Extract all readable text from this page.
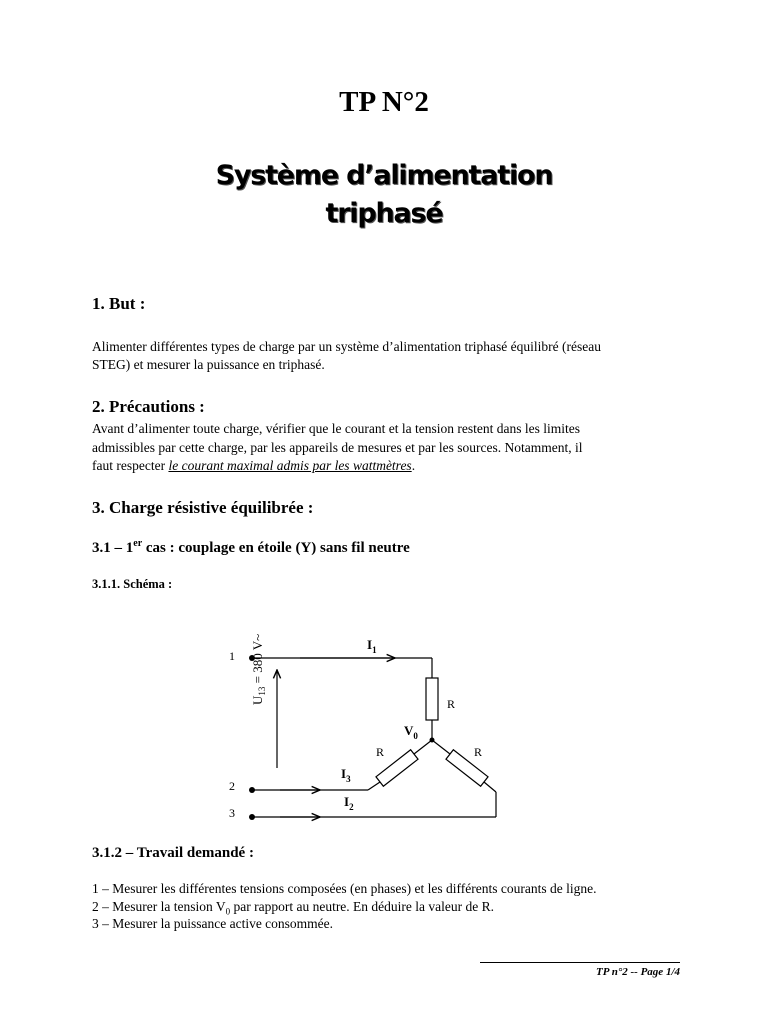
TP N°2
Système d’alimentation
triphasé
1. But :
Alimenter différentes types de charge par un système d’alimentation triphasé équilibré (réseau
STEG) et mesurer la puissance en triphasé.
2. Précautions :
Avant d’alimenter toute charge, vérifier que le courant et la tension restent dans les limites
admissibles par cette charge, par les appareils de mesures et par les sources. Notamment, il
faut respecter le courant maximal admis par les wattmètres.
3. Charge résistive équilibrée :
3.1 – 1er cas : couplage en étoile (Y) sans fil neutre
3.1.1. Schéma :
1
2
3
$U_{13} = 380$ V~	$I_1$
$I_3$
$I_2$
$V_0$
R
R	R
3.1.2 – Travail demandé :
1 – Mesurer les différentes tensions composées (en phases) et les différents courants de ligne.
2 – Mesurer la tension $V_0$ par rapport au neutre. En déduire la valeur de R.
3 – Mesurer la puissance active consommée.
TP n°2 -- Page 1/4
